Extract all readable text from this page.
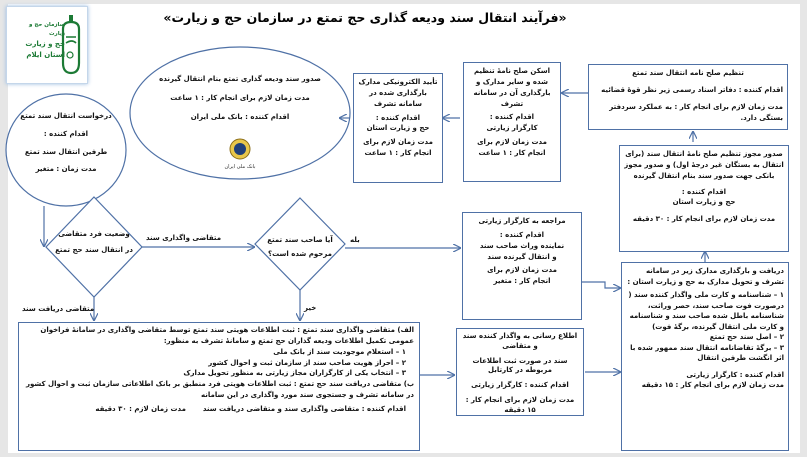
سازمان حج و زیارت
حج و زیارت استان ایلام
«فرآیند انتقال سند ودیعه گذاری حج تمتع در سازمان حج و زیارت»
درخواست انتقال سند تمتع
اقدام کننده :
طرفین انتقال سند تمتع
مدت زمان : متغیر
وضعیت فرد متقاضی
در انتقال سند حج تمتع
آیا صاحب سند تمتع
مرحوم شده است؟
متقاضی واگذاری سند
متقاضی دریافت سند
بله
خیر
صدور سند ودیعه گذاری تمتع بنام انتقال گیرنده
مدت زمان لازم برای انجام کار : ۱ ساعت
اقدام کننده : بانک ملی ایران
بانک ملی ایران

تنظیم صلح نامه انتقال سند تمتع

اقدام کننده : دفاتر اسناد رسمی زیر نظر قوهٔ قضائیه

مدت زمان لازم برای انجام کار : به عملکرد سردفتر بستگی دارد.

اسکن صلح نامهٔ تنظیم شده و سایر مدارک و بارگذاری آن در سامانه تشرف

اقدام کننده :

کارگزار زیارتی

مدت زمان لازم برای

انجام کار : ۱ ساعت

تأیید الکترونیکی مدارک بارگذاری شده در سامانه تشرف

اقدام کننده :

حج و زیارت استان

مدت زمان لازم برای

انجام کار : ۱ ساعت	صدور مجوز تنظیم صلح نامهٔ انتقال سند (برای انتقال به بستگان غیر درجهٔ اول) و صدور مجوز بانکی جهت صدور سند بنام انتقال گیرنده

اقدام کننده :

حج و زیارت استان

مدت زمان لازم برای انجام کار : ۳۰ دقیقه

مراجعه به کارگزار زیارتی

اقدام کننده :

نماینده وراث صاحب سند

و انتقال گیرنده سند

مدت زمان لازم برای

انجام کار : متغیر

دریافت و بارگذاری مدارک زیر در سامانه تشرف و تحویل مدارک به حج و زیارت استان :

۱ – شناسنامه و کارت ملی واگذار کننده سند ( درصورت فوت صاحب سند، حصر وراثت، شناسنامه باطل شده صاحب سند و شناسنامه و کارت ملی انتقال گیرنده، برگهٔ فوت)

۲ – اصل سند حج تمتع

۳ – برگهٔ تقاضانامه انتقال سند ممهور شده با اثر انگشت طرفین انتقال

اقدام کننده : کارگزار زیارتی

مدت زمان لازم برای انجام کار : ۱۵ دقیقه

اطلاع رسانی به واگذار کننده سند و متقاضی

سند در صورت ثبت اطلاعات مربوطه در کارتابل

اقدام کننده : کارگزار زیارتی

مدت زمان لازم برای انجام کار : ۱۵ دقیقه

الف) متقاضی واگذاری سند تمتع : ثبت اطلاعات هویتی سند تمتع توسط متقاضی واگذاری در سامانهٔ فراخوان عمومی تکمیل اطلاعات ودیعه گذاران حج تمتع و سامانهٔ تشرف به منظور:

۱ – استعلام موجودیت سند از بانک ملی

۲ – احراز هویت صاحب سند از سازمان ثبت و احوال کشور

۳ – انتخاب یکی از کارگزاران مجاز زیارتی به منظور تحویل مدارک

ب) متقاضی دریافت سند حج تمتع : ثبت اطلاعات هویتی فرد منطبق بر بانک اطلاعاتی سازمان ثبت و احوال کشور در سامانه تشرف و جستجوی سند مورد واگذاری در این سامانه

اقدام کننده : متقاضی واگذاری سند و متقاضی دریافت سند  مدت زمان لازم : ۳۰ دقیقه
